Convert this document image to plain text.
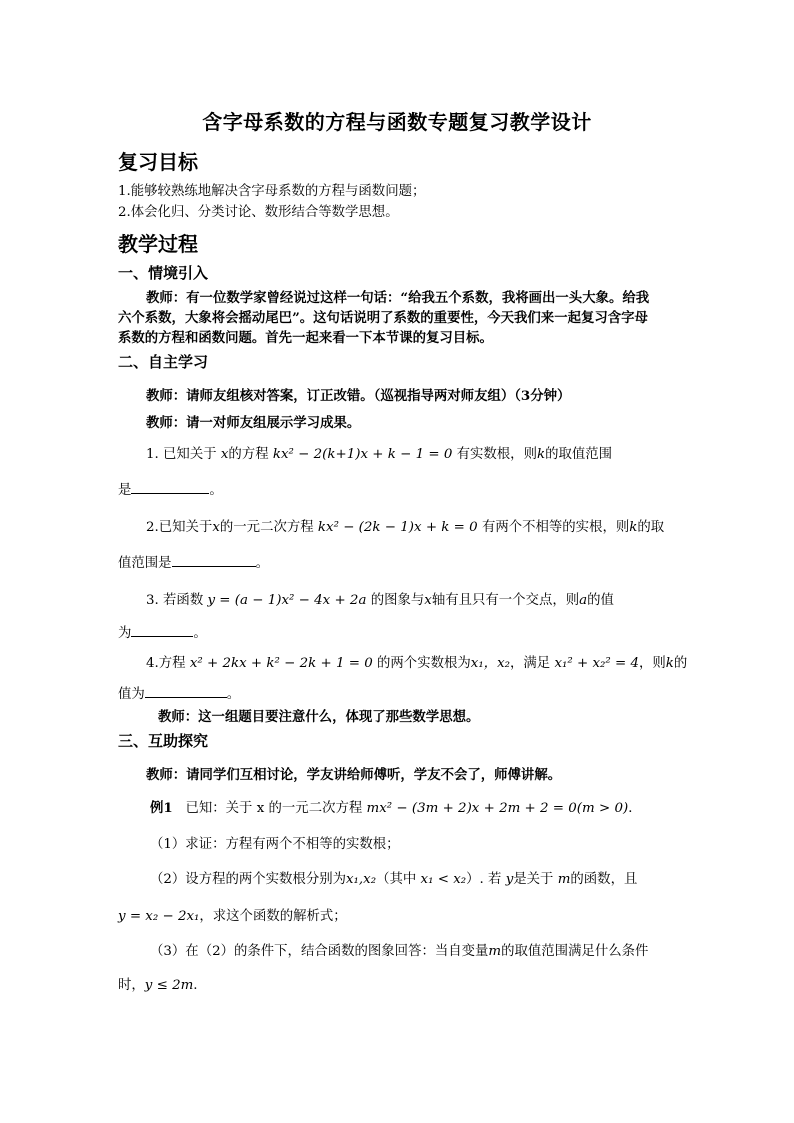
含字母系数的方程与函数专题复习教学设计
复习目标
1.能够较熟练地解决含字母系数的方程与函数问题；
2.体会化归、分类讨论、数形结合等数学思想。
教学过程
一、情境引入
教师：有一位数学家曾经说过这样一句话：“给我五个系数，我将画出一头大象。给我
六个系数，大象将会摇动尾巴”。这句话说明了系数的重要性，今天我们来一起复习含字母
系数的方程和函数问题。首先一起来看一下本节课的复习目标。
二、自主学习
教师：请师友组核对答案，订正改错。（巡视指导两对师友组）（3分钟）
教师：请一对师友组展示学习成果。
1. 已知关于 x的方程 kx² − 2(k+1)x + k − 1 = 0 有实数根，则k的取值范围
是	。
2.已知关于x的一元二次方程 kx² − (2k − 1)x + k = 0 有两个不相等的实根，则k的取
值范围是	。
3. 若函数 y = (a − 1)x² − 4x + 2a 的图象与x轴有且只有一个交点，则a的值
为	。
4.方程 x² + 2kx + k² − 2k + 1 = 0 的两个实数根为x₁，x₂，满足 x₁² + x₂² = 4，则k的
值为	。
教师：这一组题目要注意什么，体现了那些数学思想。
三、互助探究
教师：请同学们互相讨论，学友讲给师傅听，学友不会了，师傅讲解。
例1 已知：关于 x 的一元二次方程 mx² − (3m + 2)x + 2m + 2 = 0(m > 0)．
（1）求证：方程有两个不相等的实数根；
（2）设方程的两个实数根分别为x₁,x₂（其中 x₁ < x₂）. 若 y是关于 m的函数，且
y = x₂ − 2x₁，求这个函数的解析式；
（3）在（2）的条件下，结合函数的图象回答：当自变量m的取值范围满足什么条件
时，y ≤ 2m.
